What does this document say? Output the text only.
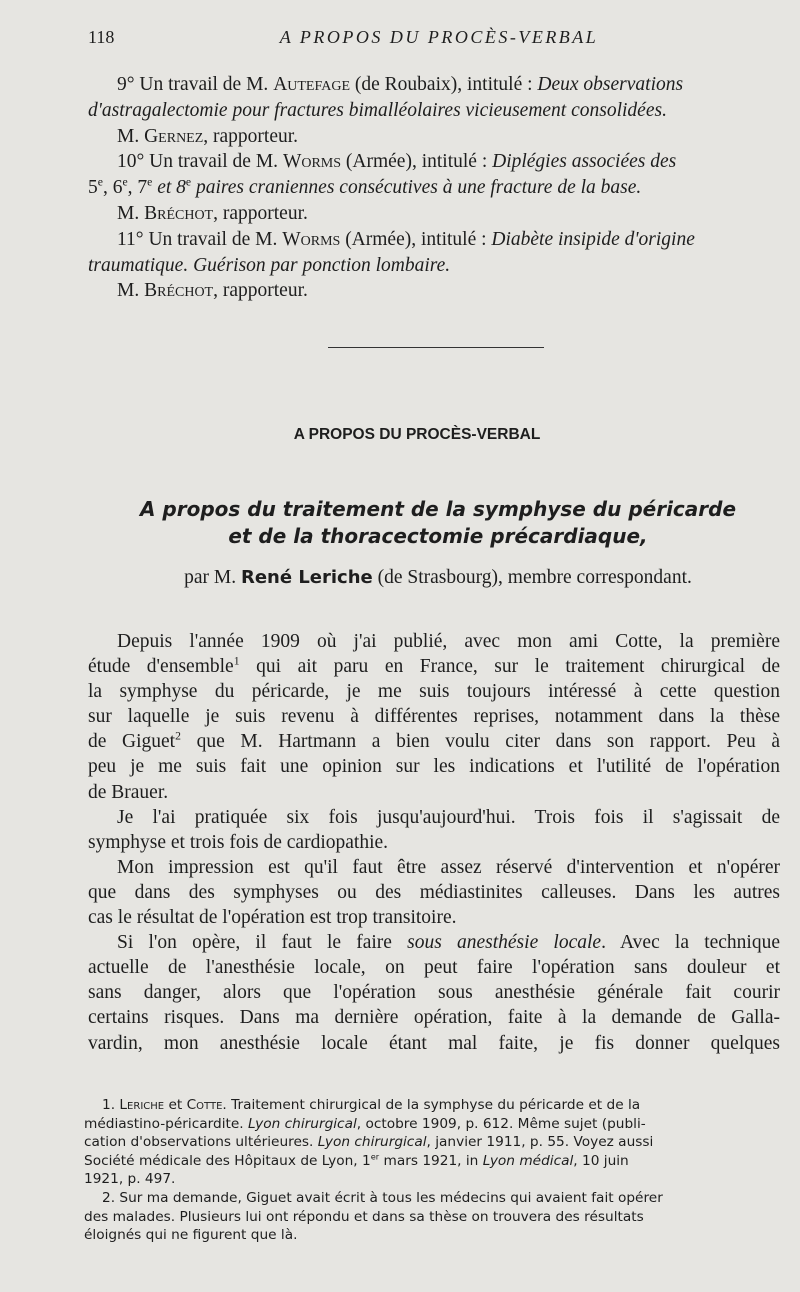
118	A PROPOS DU PROCÈS-VERBAL
9° Un travail de M. Autefage (de Roubaix), intitulé : Deux observations
d'astragalectomie pour fractures bimalléolaires vicieusement consolidées.
M. Gernez, rapporteur.
10° Un travail de M. Worms (Armée), intitulé : Diplégies associées des
5e, 6e, 7e et 8e paires craniennes consécutives à une fracture de la base.
M. Bréchot, rapporteur.
11° Un travail de M. Worms (Armée), intitulé : Diabète insipide d'origine
traumatique. Guérison par ponction lombaire.
M. Bréchot, rapporteur.
A PROPOS DU PROCÈS-VERBAL
A propos du traitement de la symphyse du péricarde
et de la thoracectomie précardiaque,
par M. René Leriche (de Strasbourg), membre correspondant.
Depuis l'année 1909 où j'ai publié, avec mon ami Cotte, la première
étude d'ensemble$^1$ qui ait paru en France, sur le traitement chirurgical de
la symphyse du péricarde, je me suis toujours intéressé à cette question
sur laquelle je suis revenu à différentes reprises, notamment dans la thèse
de Giguet$^2$ que M. Hartmann a bien voulu citer dans son rapport. Peu à
peu je me suis fait une opinion sur les indications et l'utilité de l'opération
de Brauer.
Je l'ai pratiquée six fois jusqu'aujourd'hui. Trois fois il s'agissait de
symphyse et trois fois de cardiopathie.
Mon impression est qu'il faut être assez réservé d'intervention et n'opérer
que dans des symphyses ou des médiastinites calleuses. Dans les autres
cas le résultat de l'opération est trop transitoire.
Si l'on opère, il faut le faire sous anesthésie locale. Avec la technique
actuelle de l'anesthésie locale, on peut faire l'opération sans douleur et
sans danger, alors que l'opération sous anesthésie générale fait courir
certains risques. Dans ma dernière opération, faite à la demande de Galla-
vardin, mon anesthésie locale étant mal faite, je fis donner quelques
1. Leriche et Cotte. Traitement chirurgical de la symphyse du péricarde et de la
médiastino-péricardite. Lyon chirurgical, octobre 1909, p. 612. Même sujet (publi-
cation d'observations ultérieures. Lyon chirurgical, janvier 1911, p. 55. Voyez aussi
Société médicale des Hôpitaux de Lyon, 1er mars 1921, in Lyon médical, 10 juin
1921, p. 497.
2. Sur ma demande, Giguet avait écrit à tous les médecins qui avaient fait opérer
des malades. Plusieurs lui ont répondu et dans sa thèse on trouvera des résultats
éloignés qui ne figurent que là.
